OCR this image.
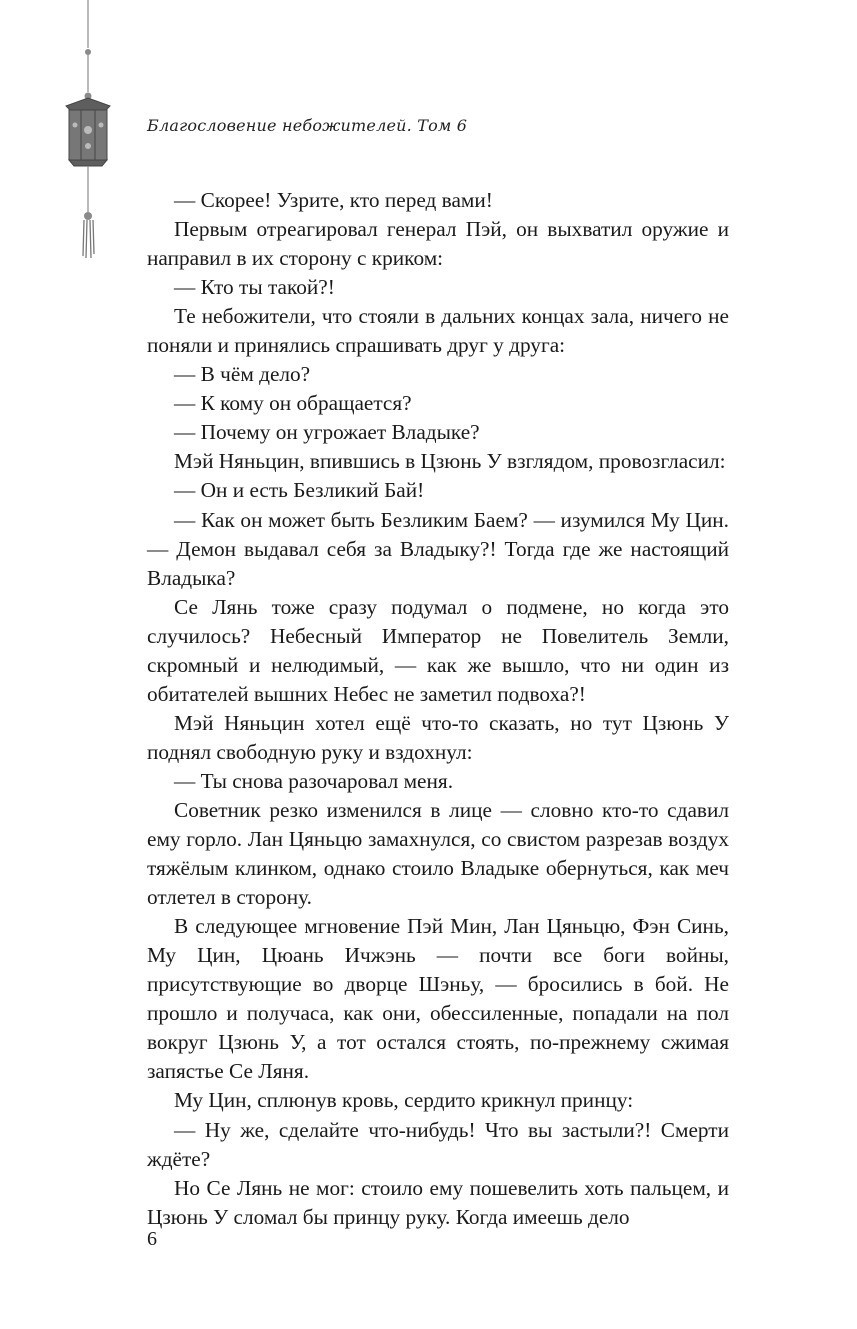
Благословение небожителей. Том 6

— Скорее! Узрите, кто перед вами!

Первым отреагировал генерал Пэй, он выхватил оружие и направил в их сторону с криком:

— Кто ты такой?!

Те небожители, что стояли в дальних концах зала, ничего не поняли и принялись спрашивать друг у друга:

— В чём дело?

— К кому он обращается?

— Почему он угрожает Владыке?

Мэй Няньцин, впившись в Цзюнь У взглядом, провозгласил:

— Он и есть Безликий Бай!

— Как он может быть Безликим Баем? — изумился Му Цин. — Демон выдавал себя за Владыку?! Тогда где же настоящий Владыка?

Се Лянь тоже сразу подумал о подмене, но когда это случилось? Небесный Император не Повелитель Земли, скромный и нелюдимый, — как же вышло, что ни один из обитателей вышних Небес не заметил подвоха?!

Мэй Няньцин хотел ещё что-то сказать, но тут Цзюнь У поднял свободную руку и вздохнул:

— Ты снова разочаровал меня.

Советник резко изменился в лице — словно кто-то сдавил ему горло. Лан Цяньцю замахнулся, со свистом разрезав воздух тяжёлым клинком, однако стоило Владыке обернуться, как меч отлетел в сторону.

В следующее мгновение Пэй Мин, Лан Цяньцю, Фэн Синь, Му Цин, Цюань Ичжэнь — почти все боги войны, присутствующие во дворце Шэньу, — бросились в бой. Не прошло и получаса, как они, обессиленные, попадали на пол вокруг Цзюнь У, а тот остался стоять, по-прежнему сжимая запястье Се Ляня.

Му Цин, сплюнув кровь, сердито крикнул принцу:

— Ну же, сделайте что-нибудь! Что вы застыли?! Смерти ждёте?

Но Се Лянь не мог: стоило ему пошевелить хоть пальцем, и Цзюнь У сломал бы принцу руку. Когда имеешь дело

6
